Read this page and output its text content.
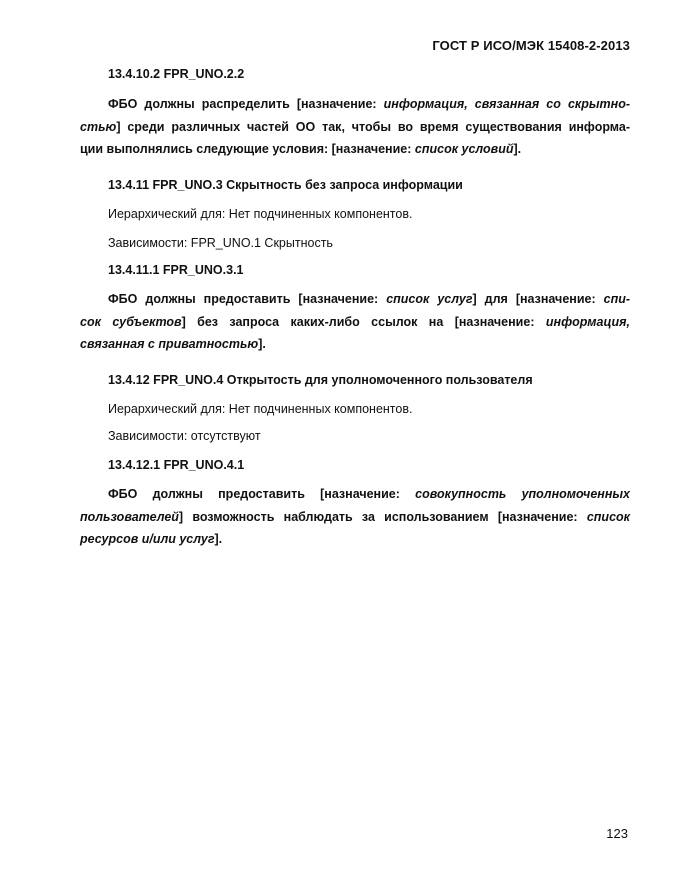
ГОСТ Р ИСО/МЭК 15408-2-2013
13.4.10.2 FPR_UNO.2.2
ФБО должны распределить [назначение: информация, связанная со скрытно-
стью] среди различных частей ОО так, чтобы во время существования информа-
ции выполнялись следующие условия: [назначение: список условий].
13.4.11 FPR_UNO.3 Скрытность без запроса информации
Иерархический для: Нет подчиненных компонентов.
Зависимости: FPR_UNO.1 Скрытность
13.4.11.1 FPR_UNO.3.1
ФБО должны предоставить [назначение: список услуг] для [назначение: спи-
сок субъектов] без запроса каких-либо ссылок на [назначение: информация,
связанная с приватностью].
13.4.12 FPR_UNO.4 Открытость для уполномоченного пользователя
Иерархический для: Нет подчиненных компонентов.
Зависимости: отсутствуют
13.4.12.1 FPR_UNO.4.1
ФБО должны предоставить [назначение: совокупность уполномоченных
пользователей] возможность наблюдать за использованием [назначение: список
ресурсов и/или услуг].
123
